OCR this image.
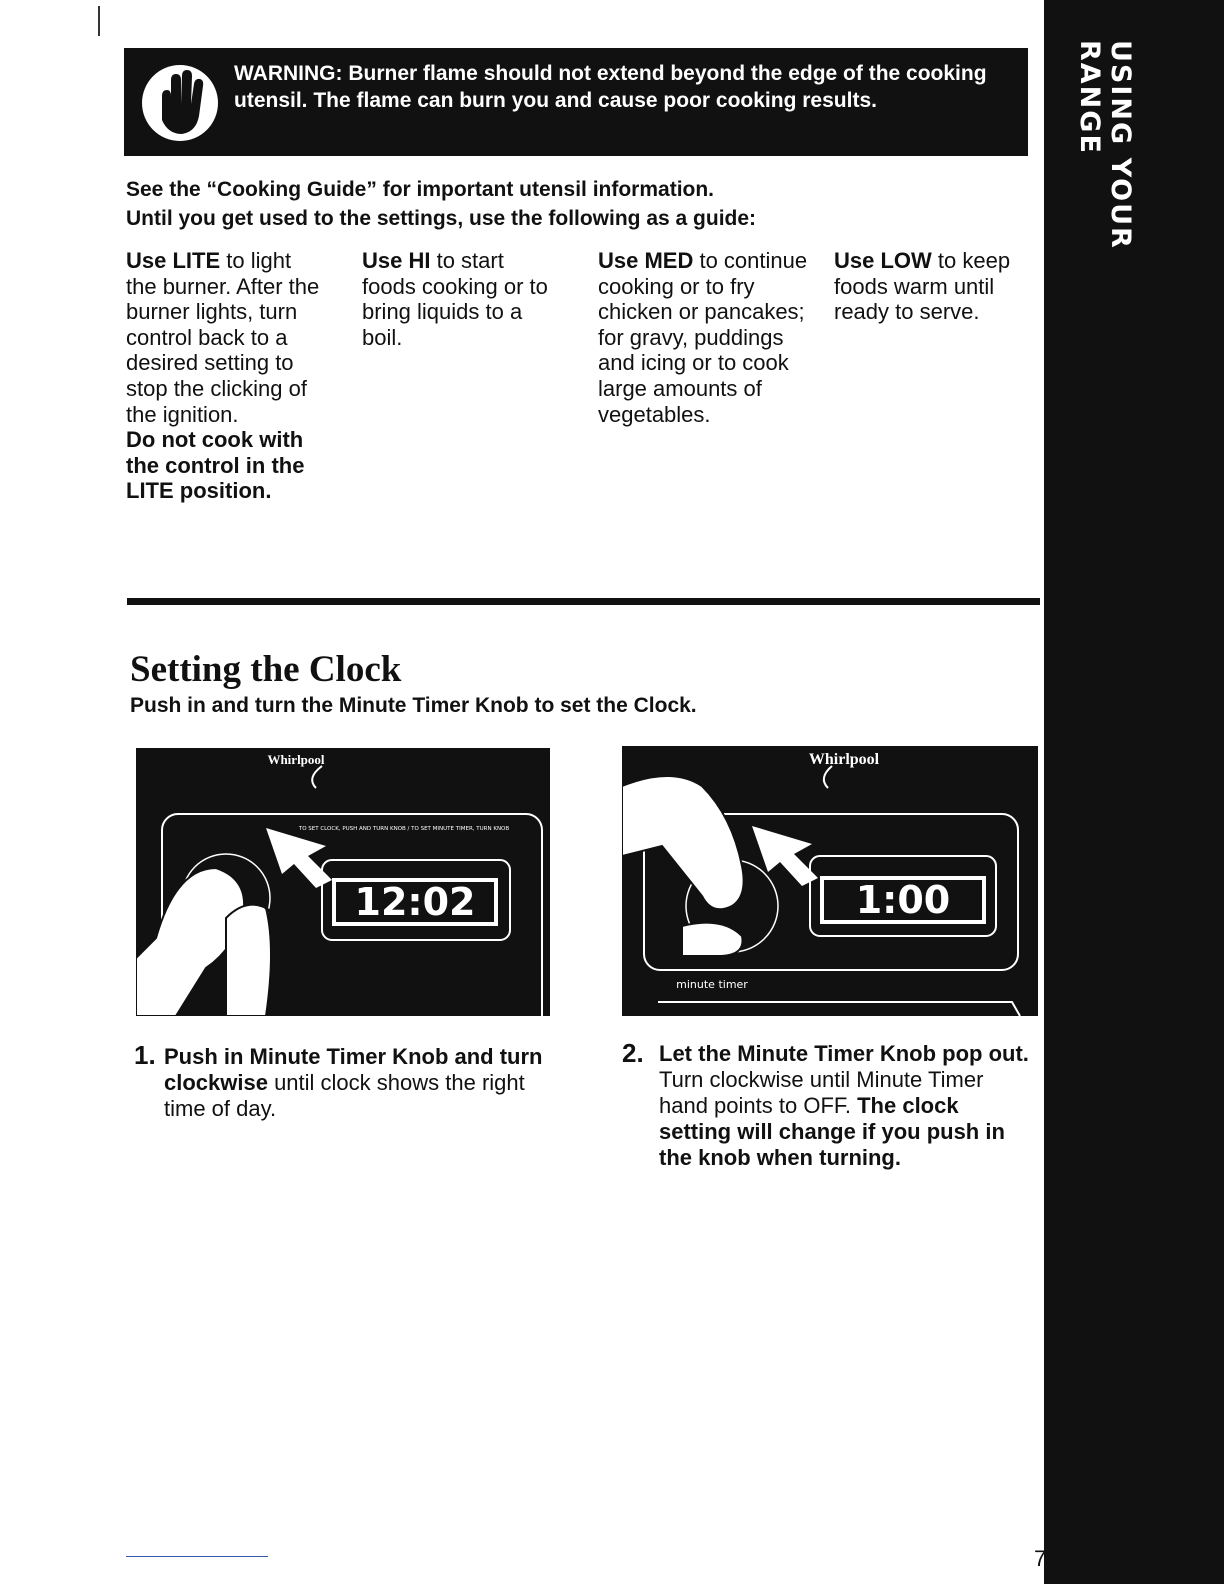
USING YOUR RANGE
WARNING: Burner flame should not extend beyond the edge of the cooking utensil. The flame can burn you and cause poor cooking results.
See the “Cooking Guide” for important utensil information.
Until you get used to the settings, use the following as a guide:
Use LITE to light the burner. After the burner lights, turn control back to a desired setting to stop the clicking of the ignition.
Do not cook with the control in the LITE position.
Use HI to start foods cooking or to bring liquids to a boil.
Use MED to continue cooking or to fry chicken or pancakes; for gravy, puddings and icing or to cook large amounts of vegetables.
Use LOW to keep foods warm until ready to serve.
Setting the Clock
Push in and turn the Minute Timer Knob to set the Clock.
Whirlpool
TO SET CLOCK, PUSH AND TURN KNOB / TO SET MINUTE TIMER, TURN KNOB
12:02
Whirlpool
1:00
minute timer
1. Push in Minute Timer Knob and turn clockwise until clock shows the right time of day.
2. Let the Minute Timer Knob pop out. Turn clockwise until Minute Timer hand points to OFF. The clock setting will change if you push in the knob when turning.
7
